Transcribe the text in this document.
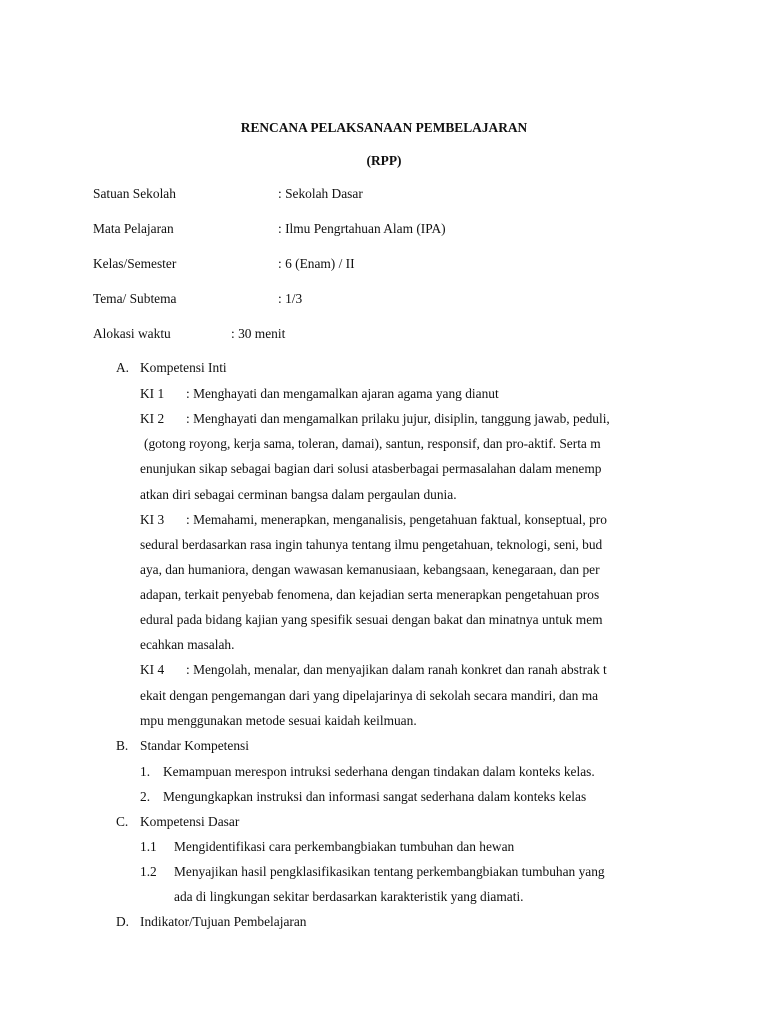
RENCANA PELAKSANAAN PEMBELAJARAN
(RPP)
Satuan Sekolah	: Sekolah Dasar
Mata Pelajaran	: Ilmu Pengrtahuan Alam (IPA)
Kelas/Semester	: 6 (Enam) / II
Tema/ Subtema	: 1/3
Alokasi waktu	: 30 menit
A. Kompetensi Inti
KI 1 : Menghayati dan mengamalkan ajaran agama yang dianut
KI 2 : Menghayati dan mengamalkan prilaku jujur, disiplin, tanggung jawab, peduli,
(gotong royong, kerja sama, toleran, damai), santun, responsif, dan pro-aktif. Serta m
enunjukan sikap sebagai bagian dari solusi atasberbagai permasalahan dalam menemp
atkan diri sebagai cerminan bangsa dalam pergaulan dunia.
KI 3 : Memahami, menerapkan, menganalisis, pengetahuan faktual, konseptual, pro
sedural berdasarkan rasa ingin tahunya tentang ilmu pengetahuan, teknologi, seni, bud
aya, dan humaniora, dengan wawasan kemanusiaan, kebangsaan, kenegaraan, dan per
adapan, terkait penyebab fenomena, dan kejadian serta menerapkan pengetahuan pros
edural pada bidang kajian yang spesifik sesuai dengan bakat dan minatnya untuk mem
ecahkan masalah.
KI 4 : Mengolah, menalar, dan menyajikan dalam ranah konkret dan ranah abstrak t
ekait dengan pengemangan dari yang dipelajarinya di sekolah secara mandiri, dan ma
mpu menggunakan metode sesuai kaidah keilmuan.
B. Standar Kompetensi
1. Kemampuan merespon intruksi sederhana dengan tindakan dalam konteks kelas.
2. Mengungkapkan instruksi dan informasi sangat sederhana dalam konteks kelas
C. Kompetensi Dasar
1.1 Mengidentifikasi cara perkembangbiakan tumbuhan dan hewan
1.2 Menyajikan hasil pengklasifikasikan tentang perkembangbiakan tumbuhan yang
ada di lingkungan sekitar berdasarkan karakteristik yang diamati.
D. Indikator/Tujuan Pembelajaran
